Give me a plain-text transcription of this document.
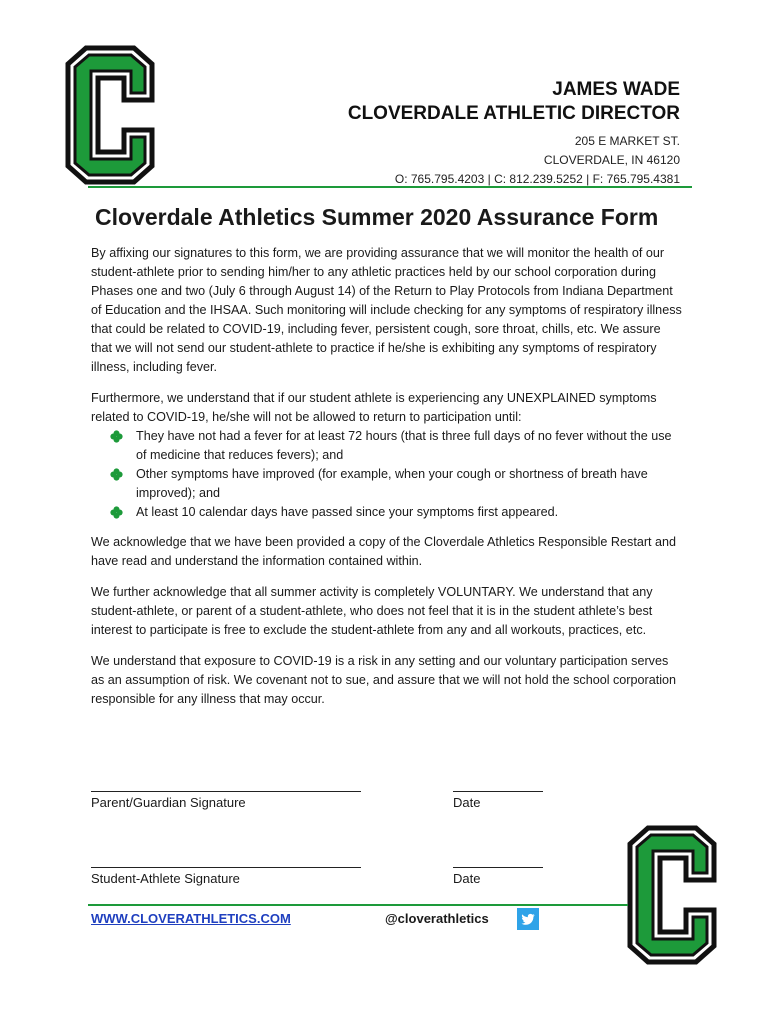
JAMES WADE
CLOVERDALE ATHLETIC DIRECTOR
205 E MARKET ST.
CLOVERDALE, IN 46120
O: 765.795.4203 | C: 812.239.5252 | F: 765.795.4381
Cloverdale Athletics Summer 2020 Assurance Form

By affixing our signatures to this form, we are providing assurance that we will monitor the health of our student-athlete prior to sending him/her to any athletic practices held by our school corporation during Phases one and two (July 6 through August 14) of the Return to Play Protocols from Indiana Department of Education and the IHSAA. Such monitoring will include checking for any symptoms of respiratory illness that could be related to COVID-19, including fever, persistent cough, sore throat, chills, etc. We assure that we will not send our student-athlete to practice if he/she is exhibiting any symptoms of respiratory illness, including fever.

Furthermore, we understand that if our student athlete is experiencing any UNEXPLAINED symptoms related to COVID-19, he/she will not be allowed to return to participation until:

They have not had a fever for at least 72 hours (that is three full days of no fever without the use of medicine that reduces fevers); and
Other symptoms have improved (for example, when your cough or shortness of breath have improved); and
At least 10 calendar days have passed since your symptoms first appeared.

We acknowledge that we have been provided a copy of the Cloverdale Athletics Responsible Restart and have read and understand the information contained within.

We further acknowledge that all summer activity is completely VOLUNTARY. We understand that any student-athlete, or parent of a student-athlete, who does not feel that it is in the student athlete’s best interest to participate is free to exclude the student-athlete from any and all workouts, practices, etc.

We understand that exposure to COVID-19 is a risk in any setting and our voluntary participation serves as an assumption of risk. We covenant not to sue, and assure that we will not hold the school corporation responsible for any illness that may occur.

Parent/Guardian Signature	Date
Student-Athlete Signature	Date
WWW.CLOVERATHLETICS.COM	@cloverathletics
